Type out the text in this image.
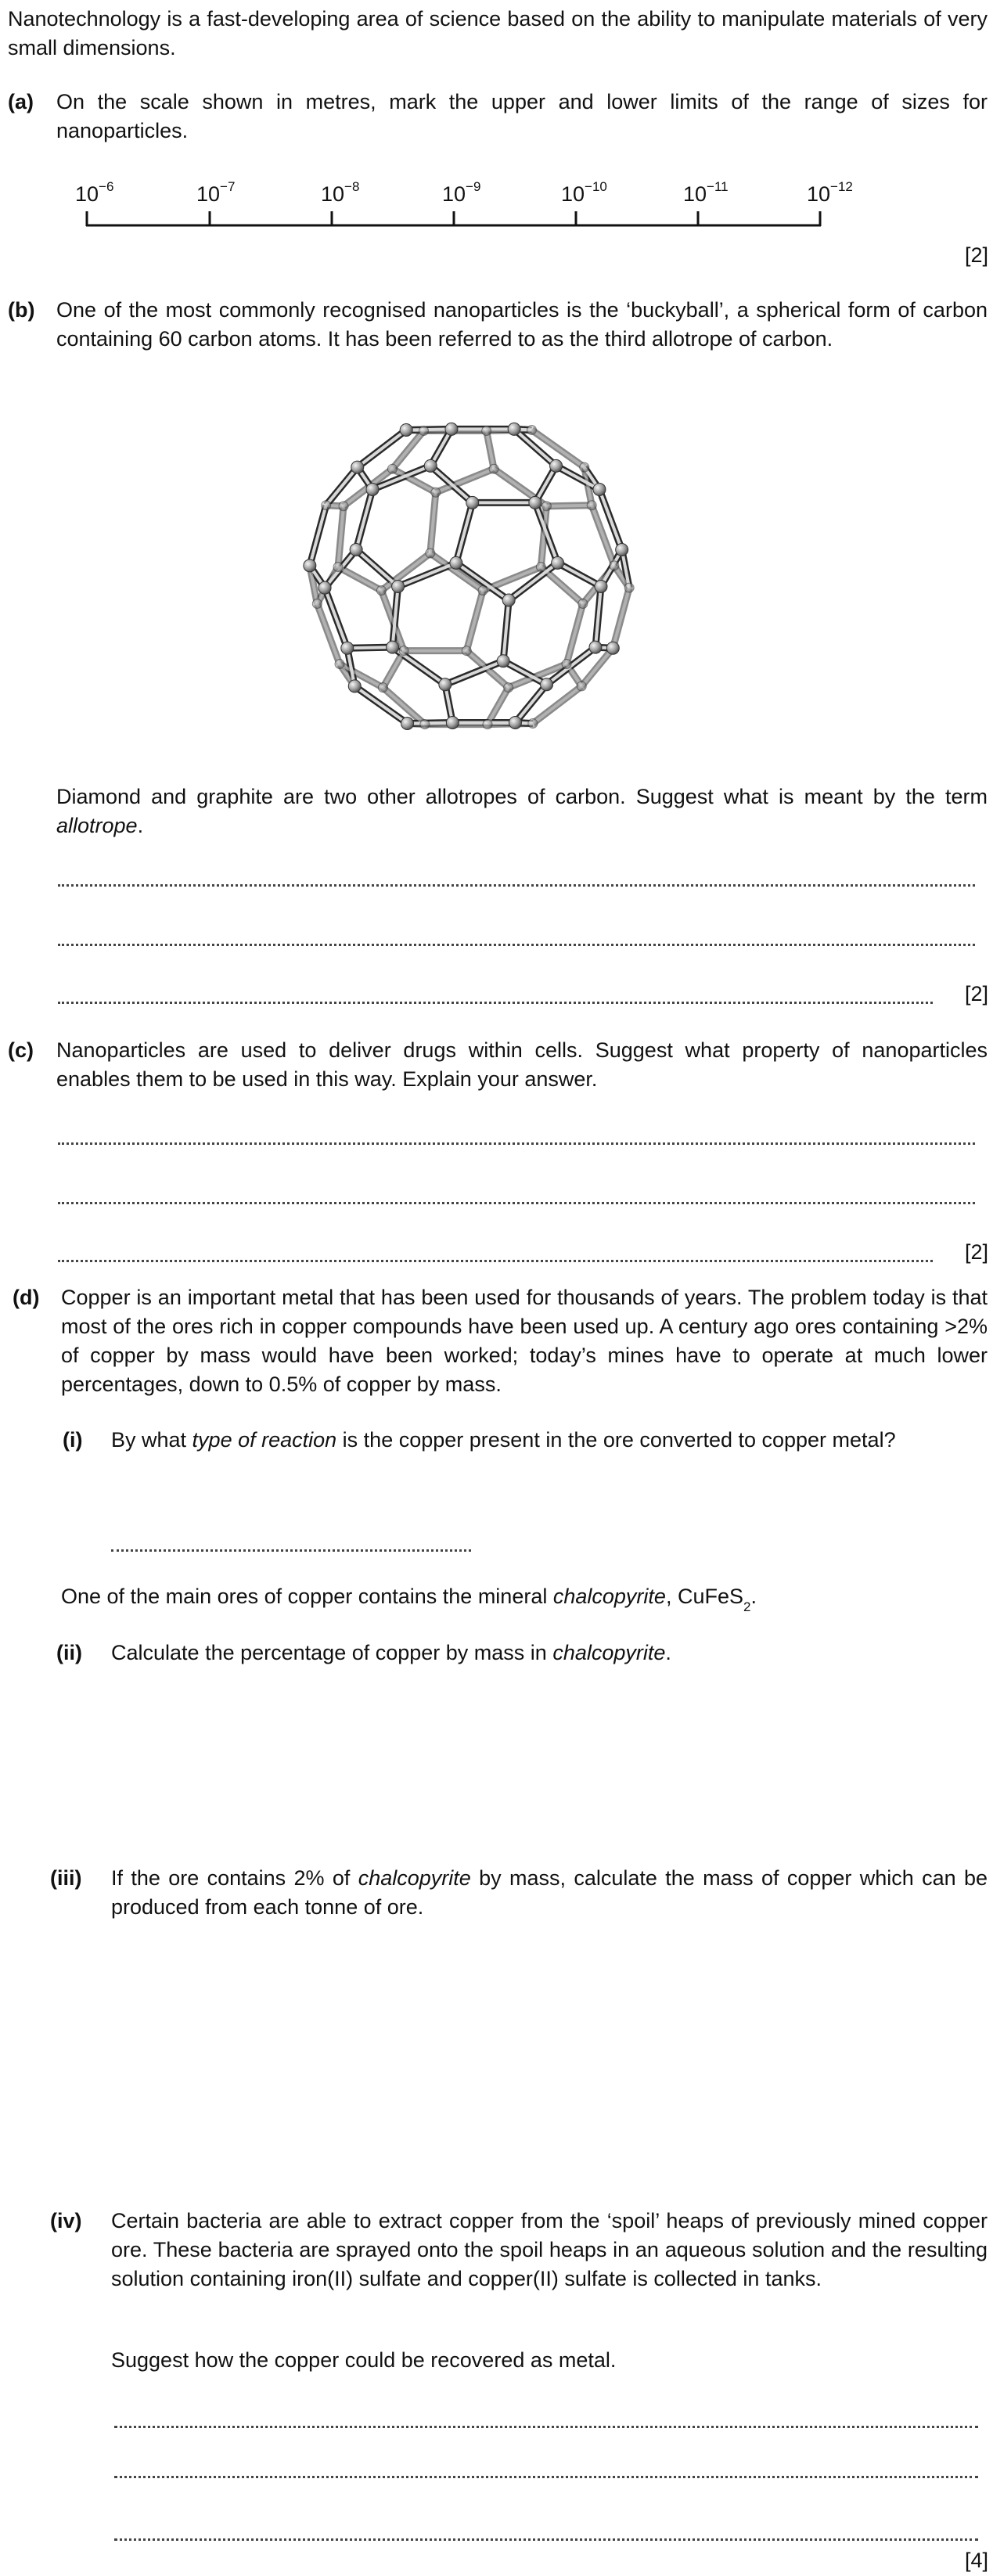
Nanotechnology is a fast-developing area of science based on the ability to manipulate materials of very small dimensions.
(a) On the scale shown in metres, mark the upper and lower limits of the range of sizes for nanoparticles.
$10^{-6}$	$10^{-7}$	$10^{-8}$	$10^{-9}$	$10^{-10}$	$10^{-11}$	$10^{-12}$
[2]
(b) One of the most commonly recognised nanoparticles is the ‘buckyball’, a spherical form of carbon containing 60 carbon atoms. It has been referred to as the third allotrope of carbon.
Diamond and graphite are two other allotropes of carbon. Suggest what is meant by the term allotrope.
[2]
(c) Nanoparticles are used to deliver drugs within cells. Suggest what property of nanoparticles enables them to be used in this way. Explain your answer.
[2]
(d) Copper is an important metal that has been used for thousands of years. The problem today is that most of the ores rich in copper compounds have been used up. A century ago ores containing >2% of copper by mass would have been worked; today’s mines have to operate at much lower percentages, down to 0.5% of copper by mass.
(i) By what type of reaction is the copper present in the ore converted to copper metal?
One of the main ores of copper contains the mineral chalcopyrite, CuFeS$_2$.
(ii) Calculate the percentage of copper by mass in chalcopyrite.
(iii) If the ore contains 2% of chalcopyrite by mass, calculate the mass of copper which can be produced from each tonne of ore.
(iv) Certain bacteria are able to extract copper from the ‘spoil’ heaps of previously mined copper ore. These bacteria are sprayed onto the spoil heaps in an aqueous solution and the resulting solution containing iron(II) sulfate and copper(II) sulfate is collected in tanks.
Suggest how the copper could be recovered as metal.
[4]
